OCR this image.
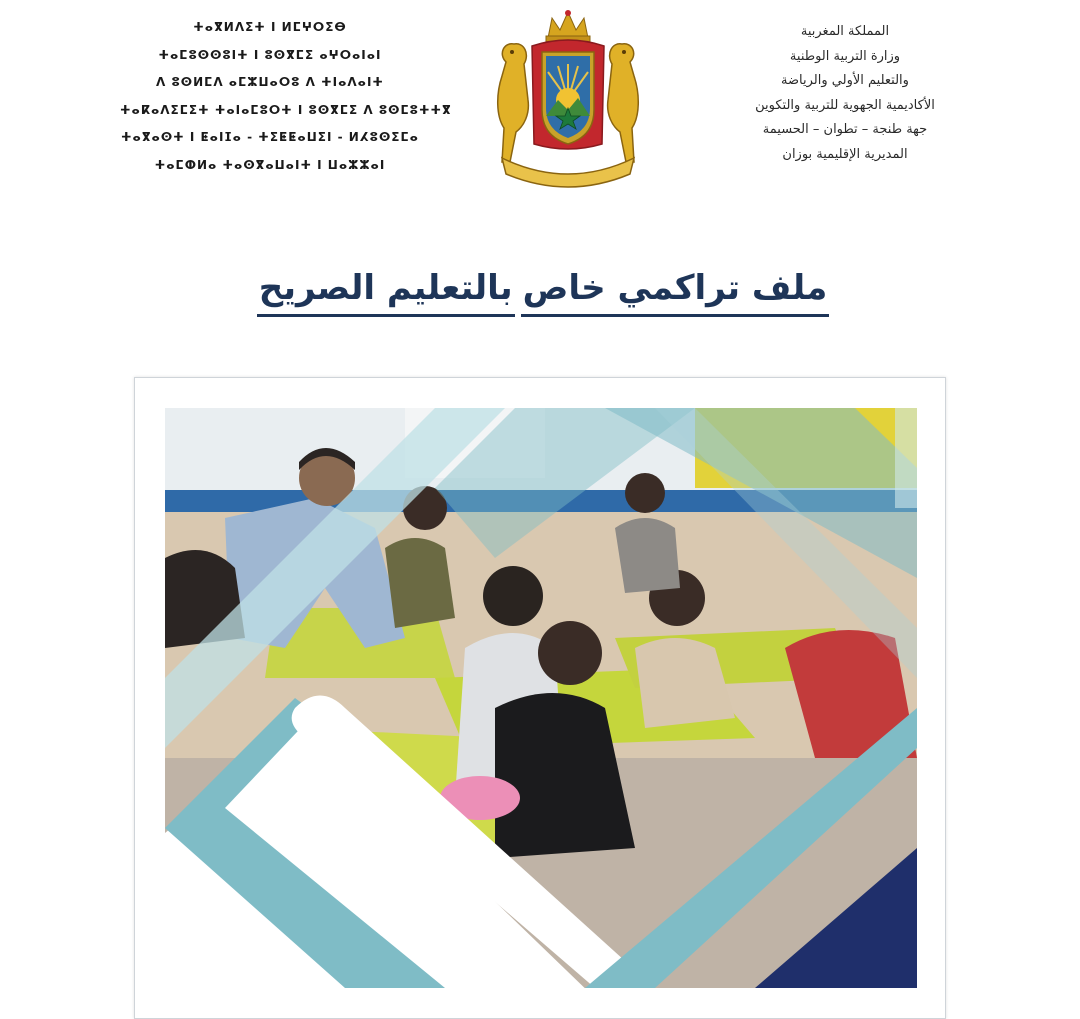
ⵜⴰⴳⵍⴷⵉⵜ ⵏ ⵍⵎⵖⵔⵉⴱ
ⵜⴰⵎⵓⵙⵙⵓⵏⵜ ⵏ ⵓⵙⴳⵎⵉ ⴰⵖⵔⴰⵏⴰⵏ
ⴷ ⵓⵙⵍⵎⴷ ⴰⵎⵣⵡⴰⵔⵓ ⴷ ⵜⵏⴰⴷⴰⵏⵜ
ⵜⴰⴽⴰⴷⵉⵎⵉⵜ ⵜⴰⵏⴰⵎⵓⵔⵜ ⵏ ⵓⵙⴳⵎⵉ ⴷ ⵓⵙⵎⵓⵜⵜⴳ
ⵜⴰⴳⴰⵙⵜ ⵏ ⵟⴰⵏⵊⴰ - ⵜⵉⵟⵟⴰⵡⵉⵏ - ⵍⵃⵓⵙⵉⵎⴰ
ⵜⴰⵎⵀⵍⴰ ⵜⴰⵙⴳⴰⵡⴰⵏⵜ ⵏ ⵡⴰⵣⵣⴰⵏ
المملكة المغربية
وزارة التربية الوطنية
والتعليم الأولي والرياضة
الأكاديمية الجهوية للتربية والتكوين
جهة طنجة – تطوان – الحسيمة
المديرية الإقليمية بوزان
ملف تراكمي خاصبالتعليم الصريح
